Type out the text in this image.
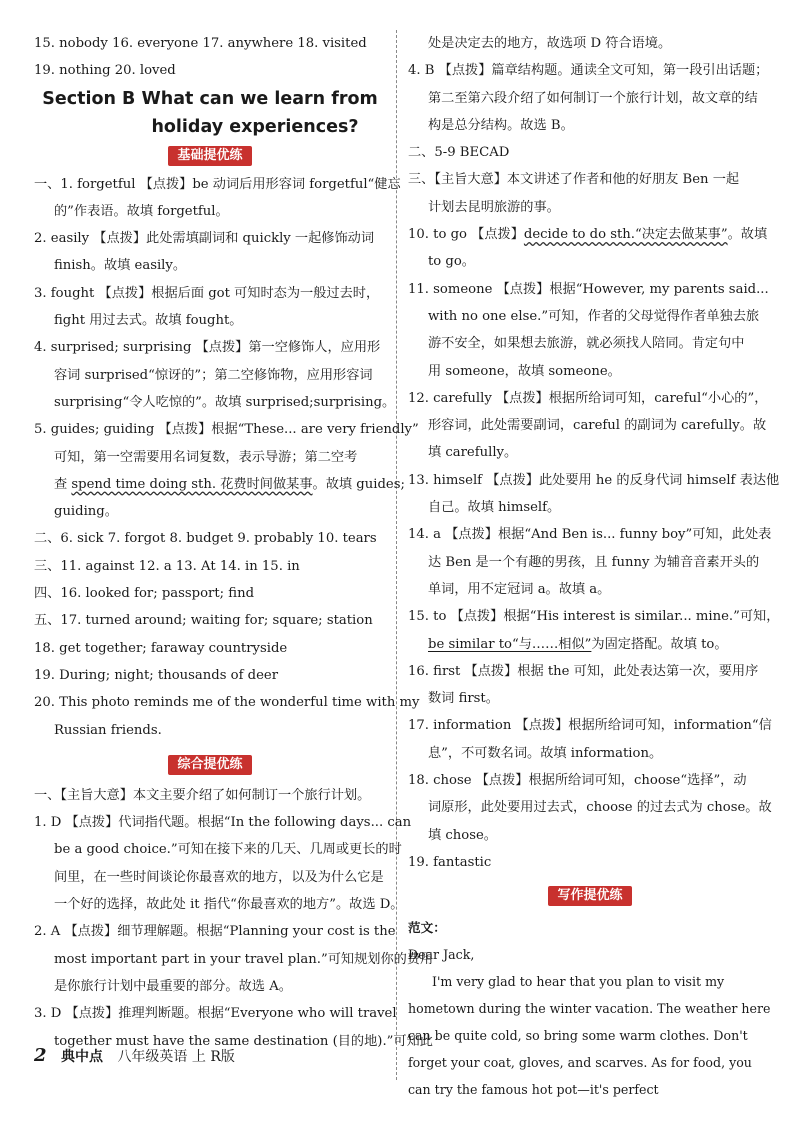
15. nobody 16. everyone 17. anywhere 18. visited
19. nothing 20. loved
Section B What can we learn from
holiday experiences?
基础提优练
一、1. forgetful 【点拨】be 动词后用形容词 forgetful“健忘
的”作表语。故填 forgetful。
2. easily 【点拨】此处需填副词和 quickly 一起修饰动词
finish。故填 easily。
3. fought 【点拨】根据后面 got 可知时态为一般过去时，
fight 用过去式。故填 fought。
4. surprised; surprising 【点拨】第一空修饰人，应用形
容词 surprised“惊讶的”；第二空修饰物，应用形容词
surprising“令人吃惊的”。故填 surprised;surprising。
5. guides; guiding 【点拨】根据“These... are very friendly”
可知，第一空需要用名词复数，表示导游；第二空考
查 spend time doing sth. 花费时间做某事。故填 guides;
guiding。
二、6. sick 7. forgot 8. budget 9. probably 10. tears
三、11. against 12. a 13. At 14. in 15. in
四、16. looked for; passport; find
五、17. turned around; waiting for; square; station
18. get together; faraway countryside
19. During; night; thousands of deer
20. This photo reminds me of the wonderful time with my
Russian friends.
综合提优练
一、【主旨大意】本文主要介绍了如何制订一个旅行计划。
1. D 【点拨】代词指代题。根据“In the following days... can
be a good choice.”可知在接下来的几天、几周或更长的时
间里，在一些时间谈论你最喜欢的地方，以及为什么它是
一个好的选择，故此处 it 指代“你最喜欢的地方”。故选 D。
2. A 【点拨】细节理解题。根据“Planning your cost is the
most important part in your travel plan.”可知规划你的费用
是你旅行计划中最重要的部分。故选 A。
3. D 【点拨】推理判断题。根据“Everyone who will travel
together must have the same destination (目的地).”可知此
处是决定去的地方，故选项 D 符合语境。
4. B 【点拨】篇章结构题。通读全文可知，第一段引出话题；
第二至第六段介绍了如何制订一个旅行计划，故文章的结
构是总分结构。故选 B。
二、5-9 BECAD
三、【主旨大意】本文讲述了作者和他的好朋友 Ben 一起
计划去昆明旅游的事。
10. to go 【点拨】decide to do sth.“决定去做某事”。故填
to go。
11. someone 【点拨】根据“However, my parents said...
with no one else.”可知，作者的父母觉得作者单独去旅
游不安全，如果想去旅游，就必须找人陪同。肯定句中
用 someone，故填 someone。
12. carefully 【点拨】根据所给词可知，careful“小心的”，
形容词，此处需要副词，careful 的副词为 carefully。故
填 carefully。
13. himself 【点拨】此处要用 he 的反身代词 himself 表达他
自己。故填 himself。
14. a 【点拨】根据“And Ben is... funny boy”可知，此处表
达 Ben 是一个有趣的男孩，且 funny 为辅音音素开头的
单词，用不定冠词 a。故填 a。
15. to 【点拨】根据“His interest is similar... mine.”可知，
be similar to“与……相似”为固定搭配。故填 to。
16. first 【点拨】根据 the 可知，此处表达第一次，要用序
数词 first。
17. information 【点拨】根据所给词可知，information“信
息”，不可数名词。故填 information。
18. chose 【点拨】根据所给词可知，choose“选择”，动
词原形，此处要用过去式，choose 的过去式为 chose。故
填 chose。
19. fantastic
写作提优练
范文：
Dear Jack,
I'm very glad to hear that you plan to visit my hometown during the winter vacation. The weather here can be quite cold, so bring some warm clothes. Don't forget your coat, gloves, and scarves. As for food, you can try the famous hot pot—it's perfect
2 典中点 八年级英语 上 R版
